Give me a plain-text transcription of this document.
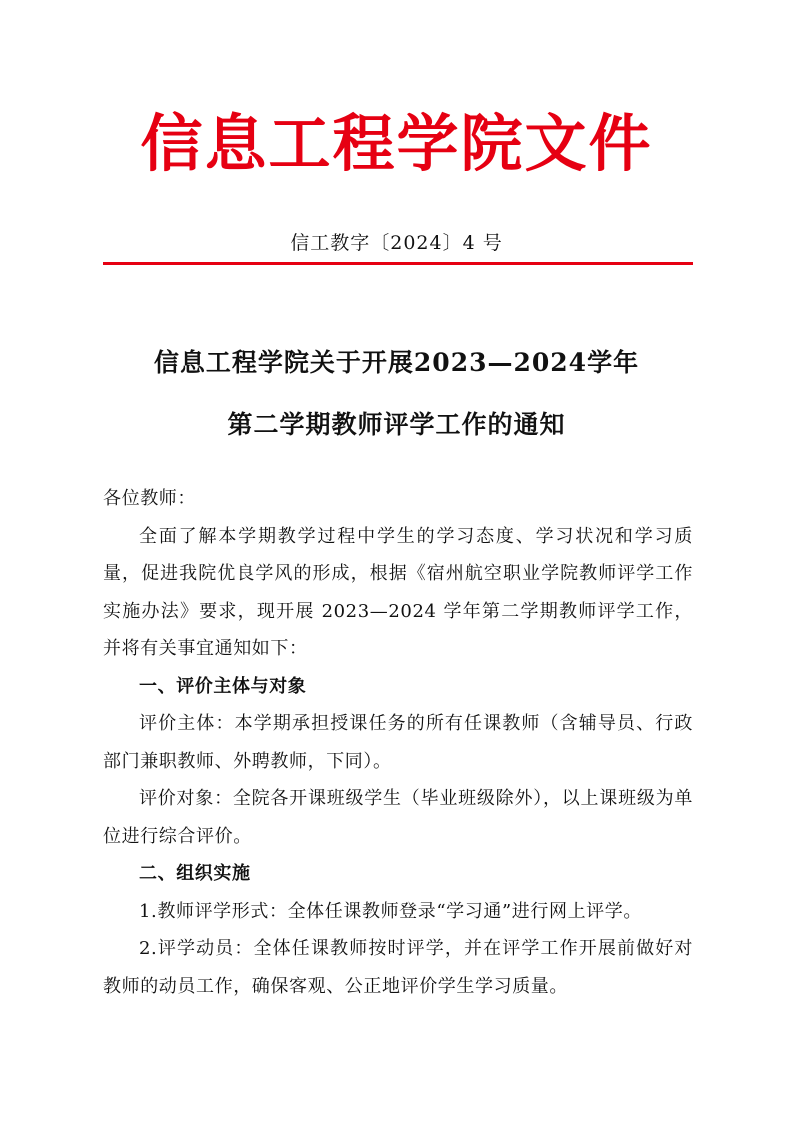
信息工程学院文件
信工教字〔2024〕4 号
信息工程学院关于开展2023—2024学年
第二学期教师评学工作的通知

各位教师：

全面了解本学期教学过程中学生的学习态度、学习状况和学习质量，促进我院优良学风的形成，根据《宿州航空职业学院教师评学工作实施办法》要求，现开展 2023—2024 学年第二学期教师评学工作，并将有关事宜通知如下：

一、评价主体与对象

评价主体：本学期承担授课任务的所有任课教师（含辅导员、行政部门兼职教师、外聘教师，下同）。

评价对象：全院各开课班级学生（毕业班级除外），以上课班级为单位进行综合评价。

二、组织实施

1.教师评学形式：全体任课教师登录“学习通”进行网上评学。

2.评学动员：全体任课教师按时评学，并在评学工作开展前做好对教师的动员工作，确保客观、公正地评价学生学习质量。
